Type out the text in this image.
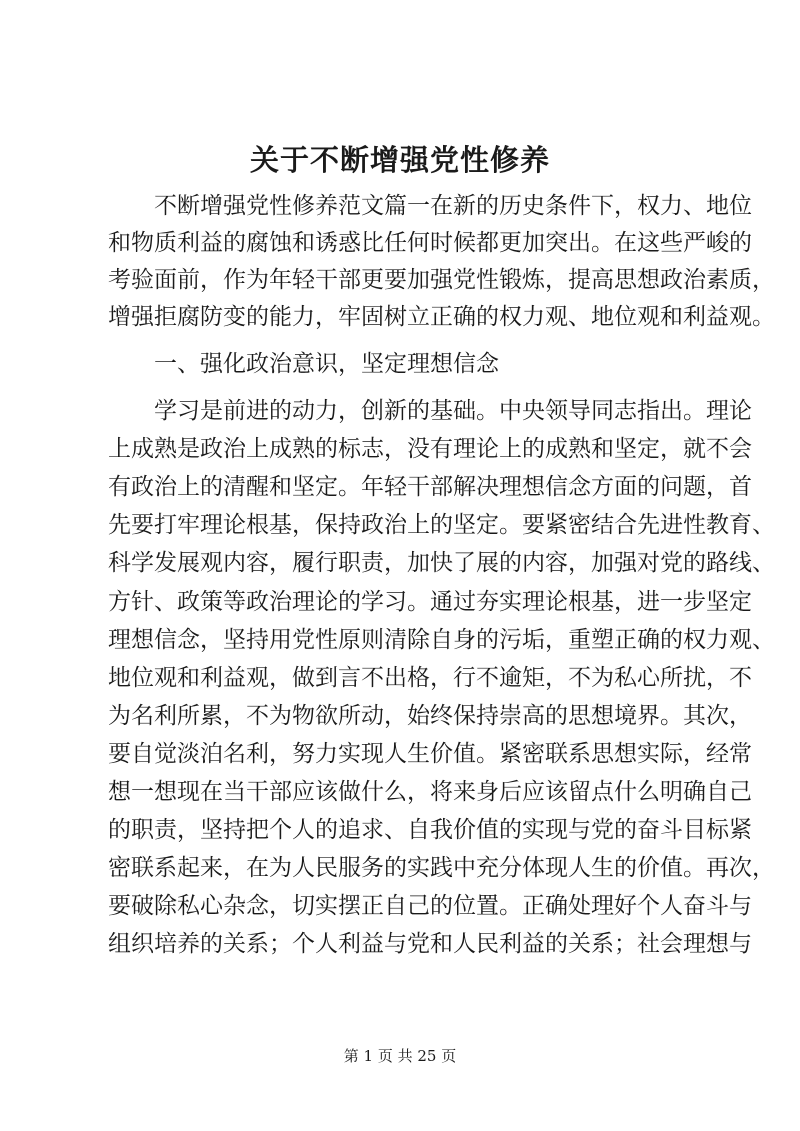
关于不断增强党性修养
不断增强党性修养范文篇一在新的历史条件下，权力、地位
和物质利益的腐蚀和诱惑比任何时候都更加突出。在这些严峻的
考验面前，作为年轻干部更要加强党性锻炼，提高思想政治素质，
增强拒腐防变的能力，牢固树立正确的权力观、地位观和利益观。
一、强化政治意识，坚定理想信念
学习是前进的动力，创新的基础。中央领导同志指出。理论
上成熟是政治上成熟的标志，没有理论上的成熟和坚定，就不会
有政治上的清醒和坚定。年轻干部解决理想信念方面的问题，首
先要打牢理论根基，保持政治上的坚定。要紧密结合先进性教育、
科学发展观内容，履行职责，加快了展的内容，加强对党的路线、
方针、政策等政治理论的学习。通过夯实理论根基，进一步坚定
理想信念，坚持用党性原则清除自身的污垢，重塑正确的权力观、
地位观和利益观，做到言不出格，行不逾矩，不为私心所扰，不
为名利所累，不为物欲所动，始终保持崇高的思想境界。其次，
要自觉淡泊名利，努力实现人生价值。紧密联系思想实际，经常
想一想现在当干部应该做什么，将来身后应该留点什么明确自己
的职责，坚持把个人的追求、自我价值的实现与党的奋斗目标紧
密联系起来，在为人民服务的实践中充分体现人生的价值。再次，
要破除私心杂念，切实摆正自己的位置。正确处理好个人奋斗与
组织培养的关系；个人利益与党和人民利益的关系；社会理想与
第 1 页 共 25 页
